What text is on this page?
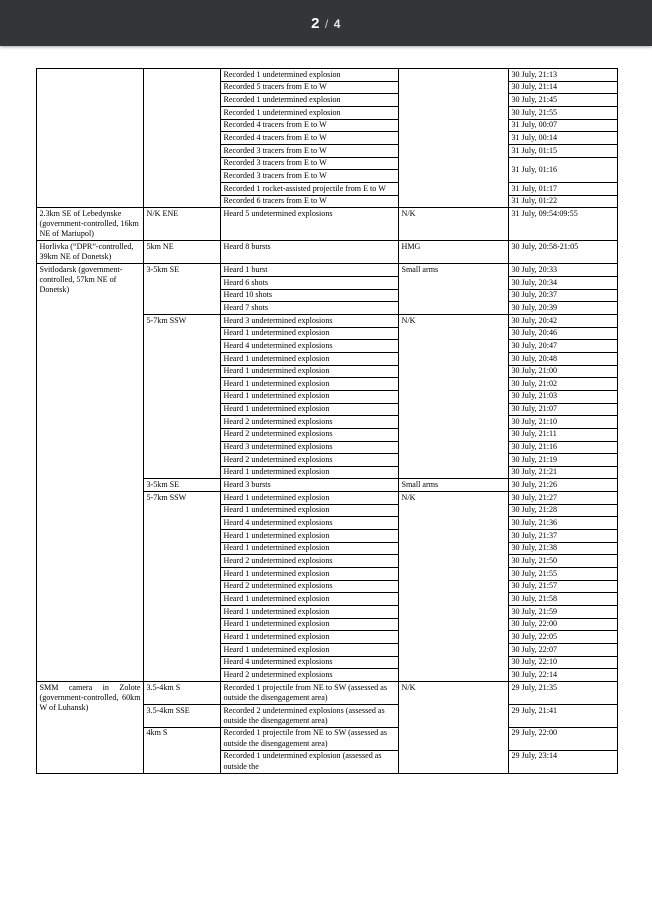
2 / 4
		Recorded 1 undetermined explosion		30 July, 21:13
		Recorded 5 tracers from E to W		30 July, 21:14
		Recorded 1 undetermined explosion		30 July, 21:45
		Recorded 1 undetermined explosion		30 July, 21:55
		Recorded 4 tracers from E to W		31 July, 00:07
		Recorded 4 tracers from E to W		31 July, 00:14
		Recorded 3 tracers from E to W		31 July, 01:15
		Recorded 3 tracers from E to W		31 July, 01:16
		Recorded 3 tracers from E to W		
		Recorded 1 rocket-assisted projectile from E to W		31 July, 01:17
		Recorded 6 tracers from E to W		31 July, 01:22
2.3km SE of Lebedynske (government-controlled, 16km NE of Mariupol)	N/K ENE	Heard 5 undetermined explosions	N/K	31 July, 09:54:09:55
Horlivka (“DPR”-controlled, 39km NE of Donetsk)	5km NE	Heard 8 bursts	HMG	30 July, 20:58-21:05
Svitlodarsk (government-controlled, 57km NE of Donetsk)	3-5km SE	Heard 1 burst	Small arms	30 July, 20:33
		Heard 6 shots		30 July, 20:34
		Heard 10 shots		30 July, 20:37
		Heard 7 shots		30 July, 20:39
	5-7km SSW	Heard 3 undetermined explosions	N/K	30 July, 20:42
		Heard 1 undetermined explosion		30 July, 20:46
		Heard 4 undetermined explosions		30 July, 20:47
		Heard 1 undetermined explosion		30 July, 20:48
		Heard 1 undetermined explosion		30 July, 21:00
		Heard 1 undetermined explosion		30 July, 21:02
		Heard 1 undetermined explosion		30 July, 21:03
		Heard 1 undetermined explosion		30 July, 21:07
		Heard 2 undetermined explosions		30 July, 21:10
		Heard 2 undetermined explosions		30 July, 21:11
		Heard 3 undetermined explosions		30 July, 21:16
		Heard 2 undetermined explosions		30 July, 21:19
		Heard 1 undetermined explosion		30 July, 21:21
	3-5km SE	Heard 3 bursts	Small arms	30 July, 21:26
	5-7km SSW	Heard 1 undetermined explosion	N/K	30 July, 21:27
		Heard 1 undetermined explosion		30 July, 21:28
		Heard 4 undetermined explosions		30 July, 21:36
		Heard 1 undetermined explosion		30 July, 21:37
		Heard 1 undetermined explosion		30 July, 21:38
		Heard 2 undetermined explosions		30 July, 21:50
		Heard 1 undetermined explosion		30 July, 21:55
		Heard 2 undetermined explosions		30 July, 21:57
		Heard 1 undetermined explosion		30 July, 21:58
		Heard 1 undetermined explosion		30 July, 21:59
		Heard 1 undetermined explosion		30 July, 22:00
		Heard 1 undetermined explosion		30 July, 22:05
		Heard 1 undetermined explosion		30 July, 22:07
		Heard 4 undetermined explosions		30 July, 22:10
		Heard 2 undetermined explosions		30 July, 22:14
SMM camera in Zolote (government-controlled, 60km W of Luhansk)	3.5-4km S	Recorded 1 projectile from NE to SW (assessed as outside the disengagement area)	N/K	29 July, 21:35
	3.5-4km SSE	Recorded 2 undetermined explosions (assessed as outside the disengagement area)		29 July, 21:41
	4km S	Recorded 1 projectile from NE to SW (assessed as outside the disengagement area)		29 July, 22:00
		Recorded 1 undetermined explosion (assessed as outside the		29 July, 23:14
